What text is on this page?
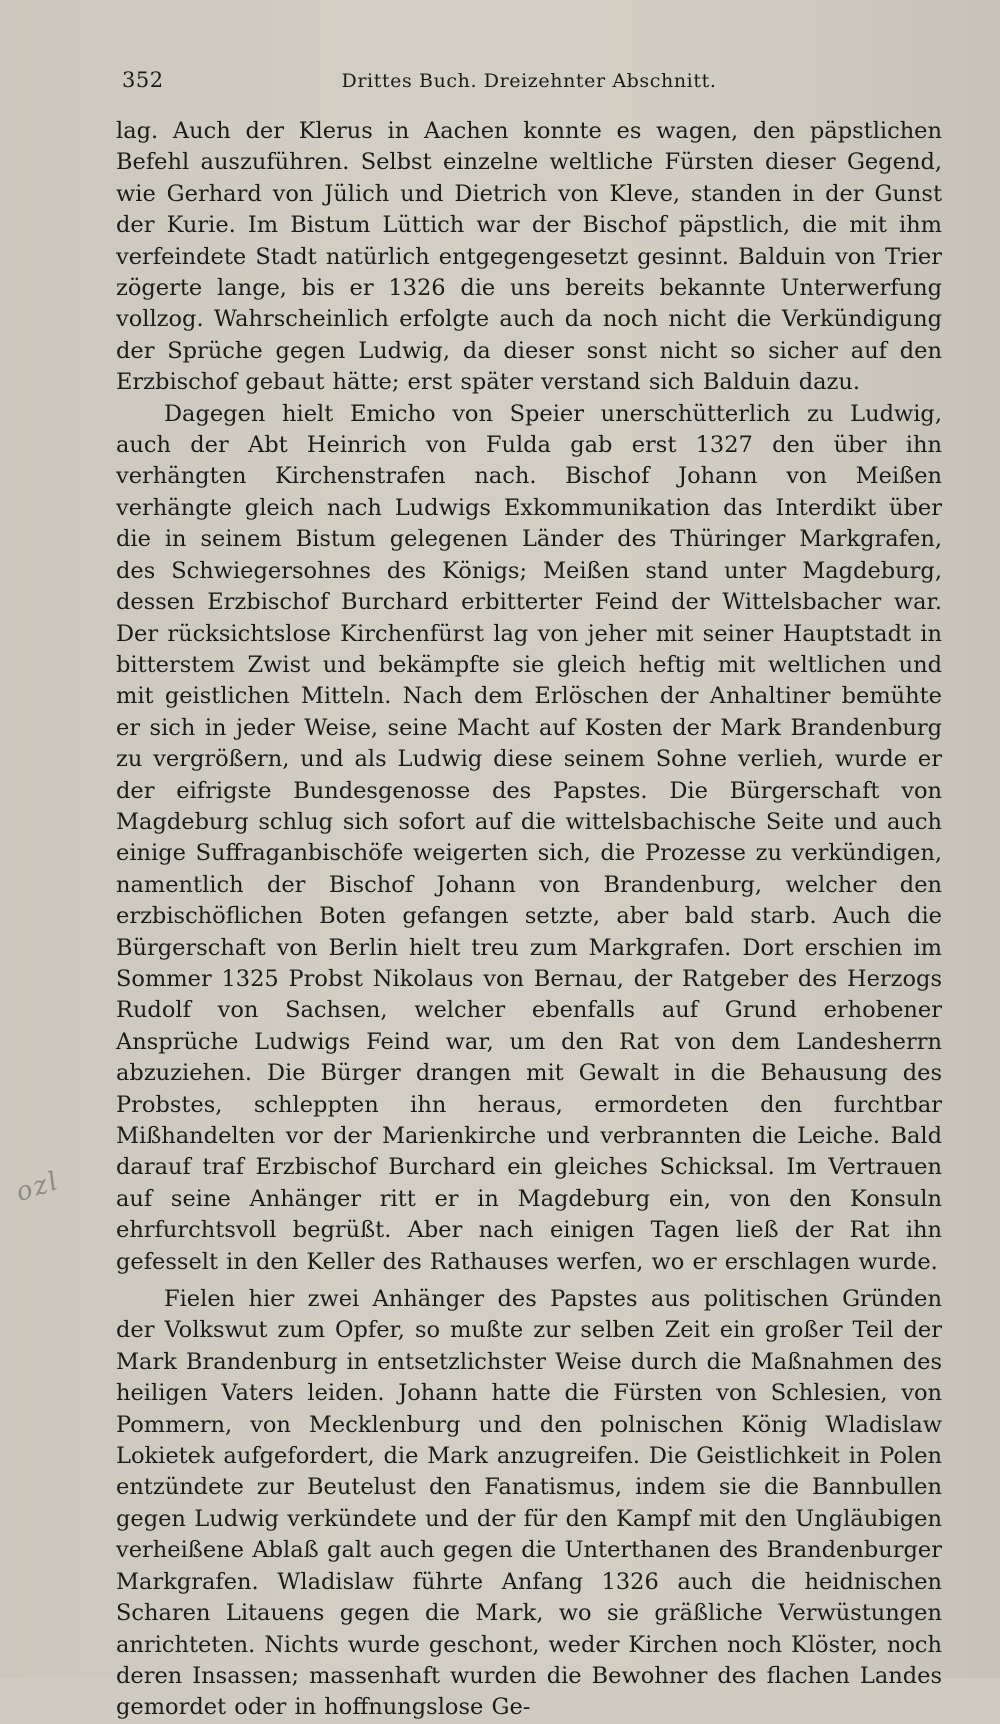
352	Drittes Buch. Dreizehnter Abschnitt.

lag. Auch der Klerus in Aachen konnte es wagen, den päpstlichen Befehl auszuführen. Selbst einzelne weltliche Fürsten dieser Gegend, wie Gerhard von Jülich und Dietrich von Kleve, standen in der Gunst der Kurie. Im Bistum Lüttich war der Bischof päpstlich, die mit ihm verfeindete Stadt natürlich entgegengesetzt gesinnt. Balduin von Trier zögerte lange, bis er 1326 die uns bereits bekannte Unterwerfung vollzog. Wahrscheinlich erfolgte auch da noch nicht die Verkündigung der Sprüche gegen Ludwig, da dieser sonst nicht so sicher auf den Erzbischof gebaut hätte; erst später verstand sich Balduin dazu.

Dagegen hielt Emicho von Speier unerschütterlich zu Ludwig, auch der Abt Heinrich von Fulda gab erst 1327 den über ihn verhängten Kirchenstrafen nach. Bischof Johann von Meißen verhängte gleich nach Ludwigs Exkommunikation das Interdikt über die in seinem Bistum gelegenen Länder des Thüringer Markgrafen, des Schwiegersohnes des Königs; Meißen stand unter Magdeburg, dessen Erzbischof Burchard erbitterter Feind der Wittelsbacher war. Der rücksichtslose Kirchenfürst lag von jeher mit seiner Hauptstadt in bitterstem Zwist und bekämpfte sie gleich heftig mit weltlichen und mit geistlichen Mitteln. Nach dem Erlöschen der Anhaltiner bemühte er sich in jeder Weise, seine Macht auf Kosten der Mark Brandenburg zu vergrößern, und als Ludwig diese seinem Sohne verlieh, wurde er der eifrigste Bundesgenosse des Papstes. Die Bürgerschaft von Magdeburg schlug sich sofort auf die wittelsbachische Seite und auch einige Suffraganbischöfe weigerten sich, die Prozesse zu verkündigen, namentlich der Bischof Johann von Brandenburg, welcher den erzbischöflichen Boten gefangen setzte, aber bald starb. Auch die Bürgerschaft von Berlin hielt treu zum Markgrafen. Dort erschien im Sommer 1325 Probst Nikolaus von Bernau, der Ratgeber des Herzogs Rudolf von Sachsen, welcher ebenfalls auf Grund erhobener Ansprüche Ludwigs Feind war, um den Rat von dem Landesherrn abzuziehen. Die Bürger drangen mit Gewalt in die Behausung des Probstes, schleppten ihn heraus, ermordeten den furchtbar Mißhandelten vor der Marienkirche und verbrannten die Leiche. Bald darauf traf Erzbischof Burchard ein gleiches Schicksal. Im Vertrauen auf seine Anhänger ritt er in Magdeburg ein, von den Konsuln ehrfurchtsvoll begrüßt. Aber nach einigen Tagen ließ der Rat ihn gefesselt in den Keller des Rathauses werfen, wo er erschlagen wurde.

Fielen hier zwei Anhänger des Papstes aus politischen Gründen der Volkswut zum Opfer, so mußte zur selben Zeit ein großer Teil der Mark Brandenburg in entsetzlichster Weise durch die Maßnahmen des heiligen Vaters leiden. Johann hatte die Fürsten von Schlesien, von Pommern, von Mecklenburg und den polnischen König Wladislaw Lokietek aufgefordert, die Mark anzugreifen. Die Geistlichkeit in Polen entzündete zur Beutelust den Fanatismus, indem sie die Bannbullen gegen Ludwig verkündete und der für den Kampf mit den Ungläubigen verheißene Ablaß galt auch gegen die Unterthanen des Brandenburger Markgrafen. Wladislaw führte Anfang 1326 auch die heidnischen Scharen Litauens gegen die Mark, wo sie gräßliche Verwüstungen anrichteten. Nichts wurde geschont, weder Kirchen noch Klöster, noch deren Insassen; massenhaft wurden die Bewohner des flachen Landes gemordet oder in hoffnungslose Ge-

ozl
